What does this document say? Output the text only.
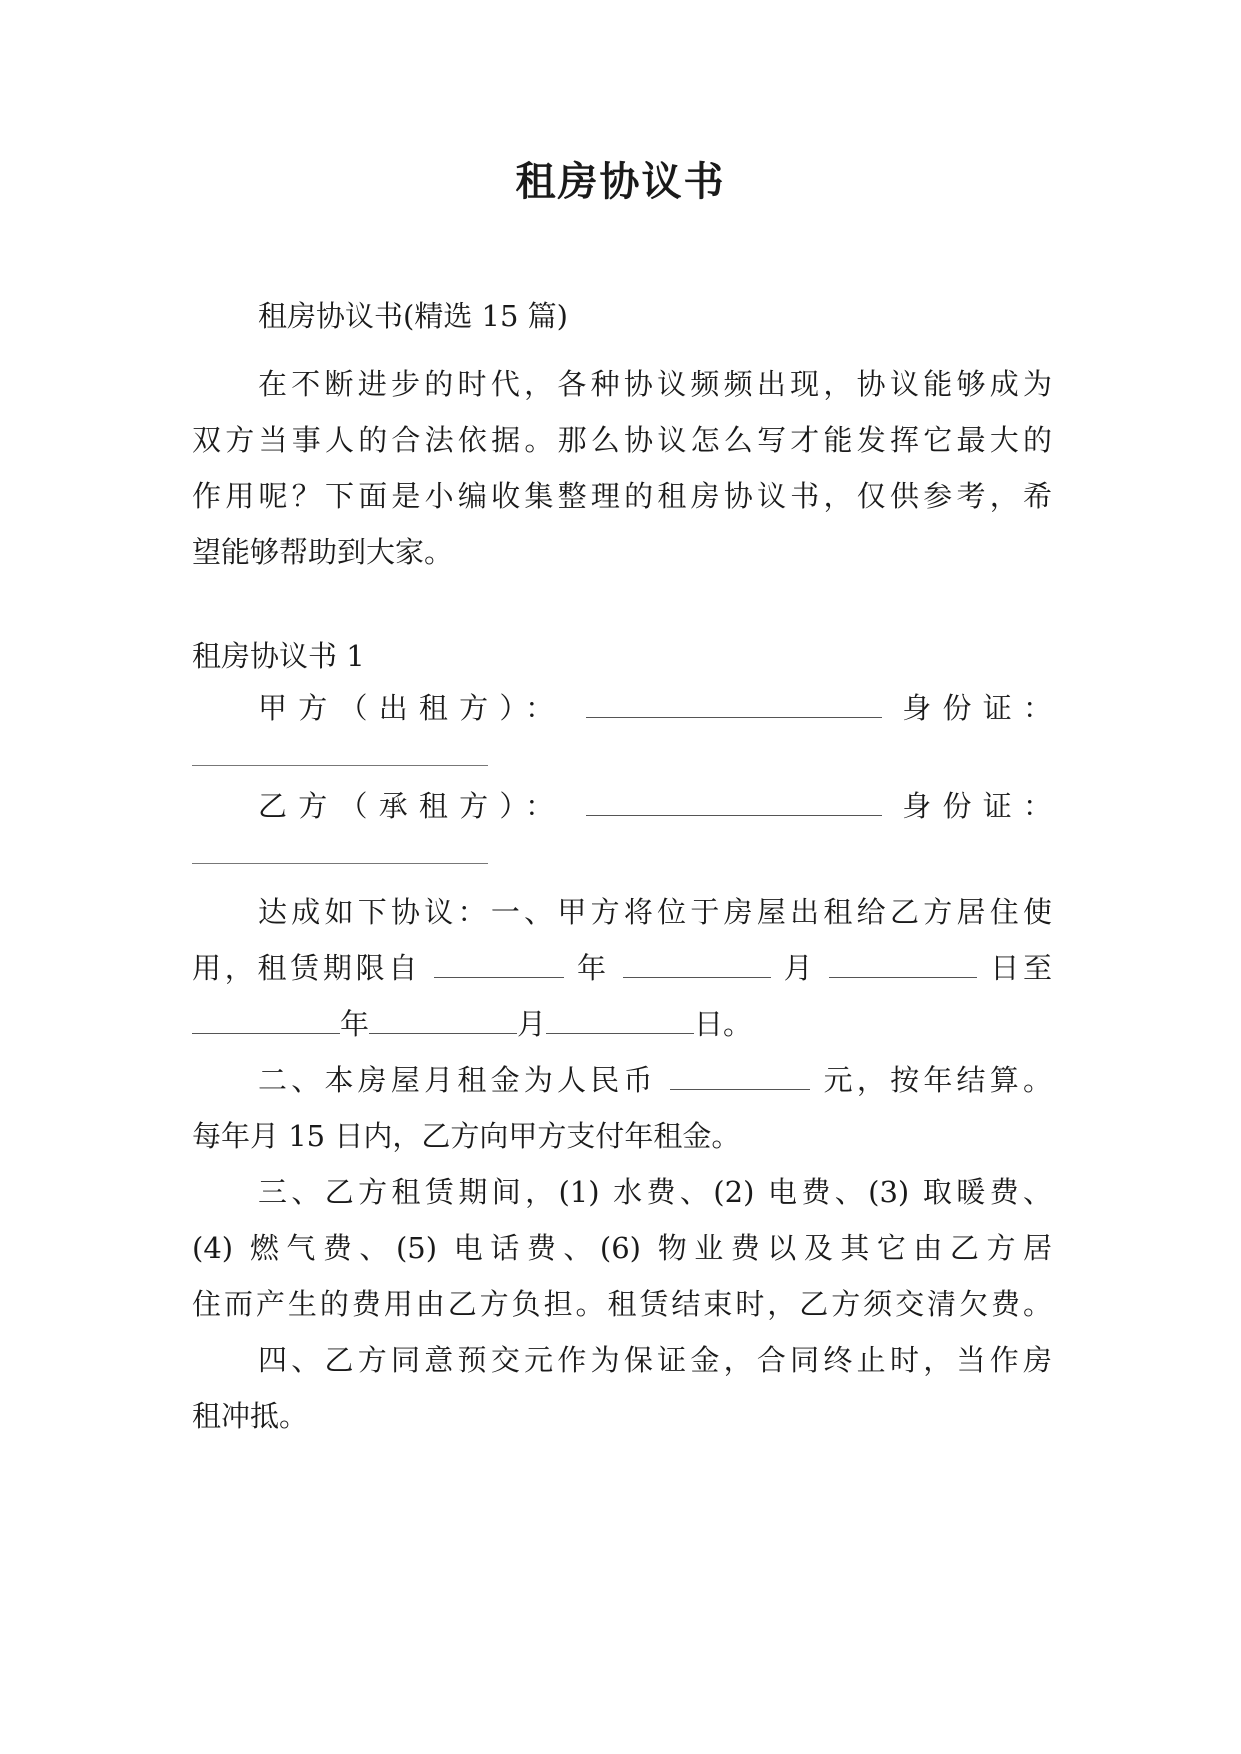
租房协议书
租房协议书(精选 15 篇)
在不断进步的时代，各种协议频频出现，协议能够成为
双方当事人的合法依据。那么协议怎么写才能发挥它最大的
作用呢？下面是小编收集整理的租房协议书，仅供参考，希
望能够帮助到大家。
租房协议书 1
甲方（出租方）：	身份证：
乙方（承租方）：	身份证：
达成如下协议：一、甲方将位于房屋出租给乙方居住使
用，租赁期限自	年	月	日至
年	月	日。
二、本房屋月租金为人民币	元，按年结算。
每年月 15 日内，乙方向甲方支付年租金。
三、乙方租赁期间，(1) 水费、(2) 电费、(3) 取暖费、
(4) 燃气费、(5) 电话费、(6) 物业费以及其它由乙方居
住而产生的费用由乙方负担。租赁结束时，乙方须交清欠费。
四、乙方同意预交元作为保证金，合同终止时，当作房
租冲抵。
